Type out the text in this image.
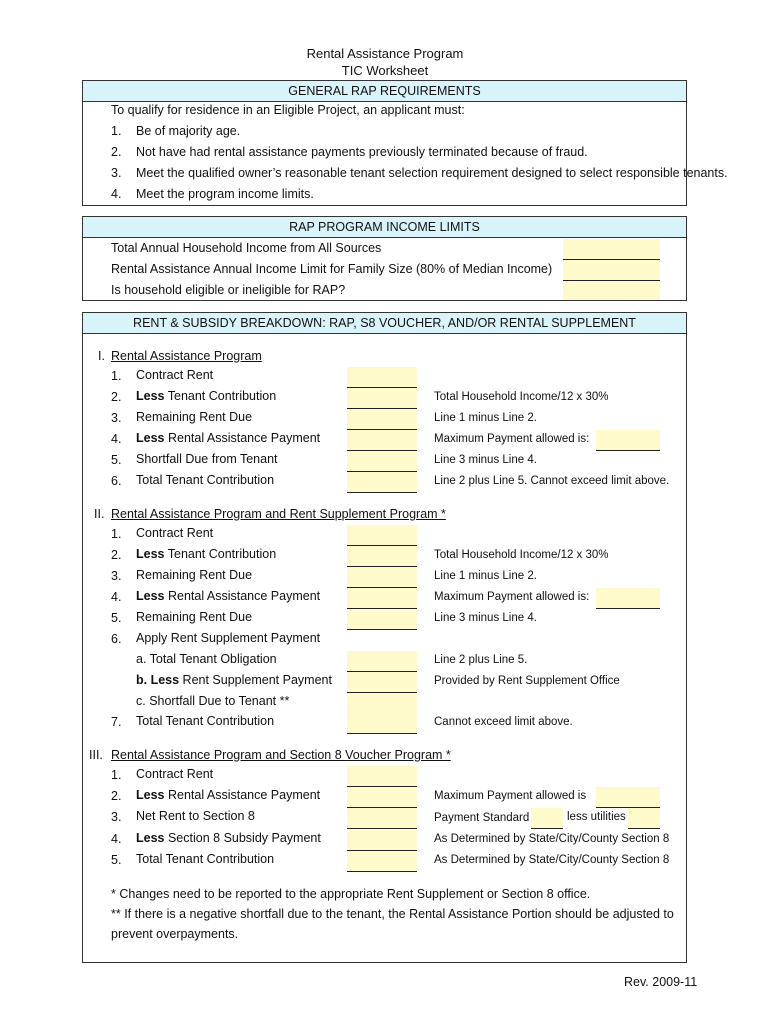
Rental Assistance Program
TIC Worksheet
GENERAL RAP REQUIREMENTS
To qualify for residence in an Eligible Project, an applicant must:
1. Be of majority age.
2. Not have had rental assistance payments previously terminated because of fraud.
3. Meet the qualified owner’s reasonable tenant selection requirement designed to select responsible tenants.
4. Meet the program income limits.
RAP PROGRAM INCOME LIMITS
Total Annual Household Income from All Sources
Rental Assistance Annual Income Limit for Family Size (80% of Median Income)
Is household eligible or ineligible for RAP?
RENT & SUBSIDY BREAKDOWN: RAP, S8 VOUCHER, AND/OR RENTAL SUPPLEMENT
I. Rental Assistance Program
1. Contract Rent
2. Less Tenant Contribution	Total Household Income/12 x 30%
3. Remaining Rent Due	Line 1 minus Line 2.
4. Less Rental Assistance Payment	Maximum Payment allowed is:
5. Shortfall Due from Tenant	Line 3 minus Line 4.
6. Total Tenant Contribution	Line 2 plus Line 5. Cannot exceed limit above.
II. Rental Assistance Program and Rent Supplement Program *
1. Contract Rent
2. Less Tenant Contribution	Total Household Income/12 x 30%
3. Remaining Rent Due	Line 1 minus Line 2.
4. Less Rental Assistance Payment	Maximum Payment allowed is:
5. Remaining Rent Due	Line 3 minus Line 4.
6. Apply Rent Supplement Payment
a. Total Tenant Obligation	Line 2 plus Line 5.
b. Less Rent Supplement Payment	Provided by Rent Supplement Office
c. Shortfall Due to Tenant **
7. Total Tenant Contribution	Cannot exceed limit above.
III. Rental Assistance Program and Section 8 Voucher Program *
1. Contract Rent
2. Less Rental Assistance Payment	Maximum Payment allowed is
3. Net Rent to Section 8	Payment Standard	less utilities
4. Less Section 8 Subsidy Payment	As Determined by State/City/County Section 8
5. Total Tenant Contribution	As Determined by State/City/County Section 8
* Changes need to be reported to the appropriate Rent Supplement or Section 8 office.
** If there is a negative shortfall due to the tenant, the Rental Assistance Portion should be adjusted to
prevent overpayments.
Rev. 2009-11
